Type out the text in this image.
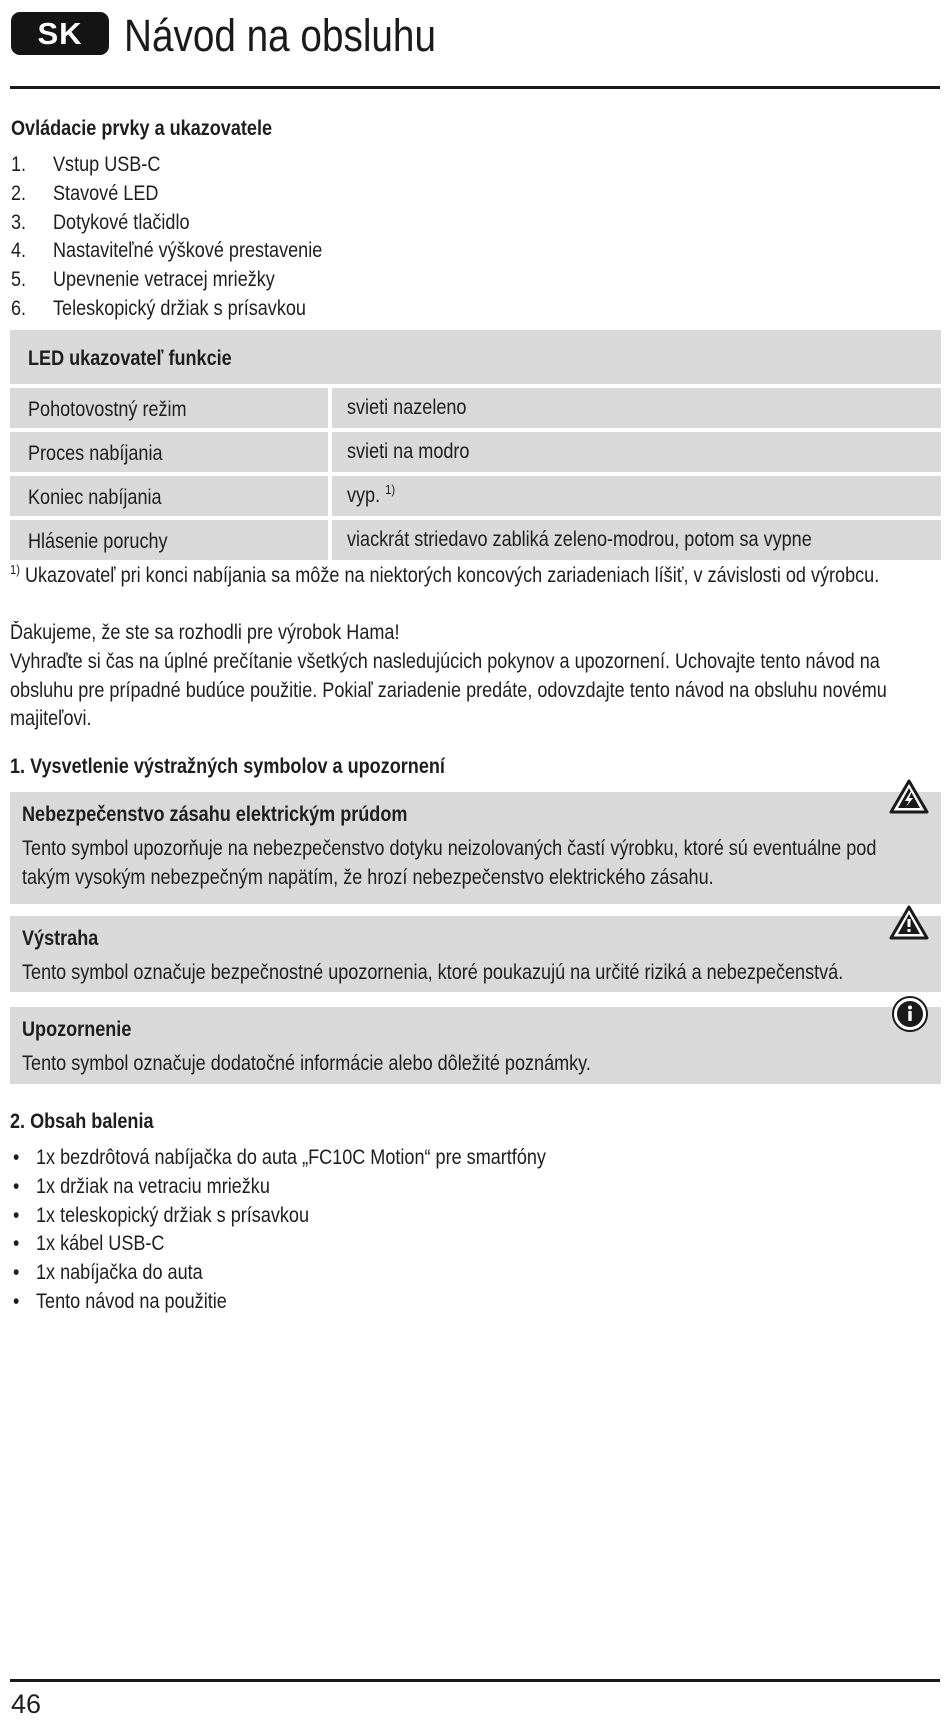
SK Návod na obsluhu
Ovládacie prvky a ukazovatele
1. Vstup USB-C
2. Stavové LED
3. Dotykové tlačidlo
4. Nastaviteľné výškové prestavenie
5. Upevnenie vetracej mriežky
6. Teleskopický držiak s prísavkou
LED ukazovateľ funkcie
Pohotovostný režim	svieti nazeleno
Proces nabíjania	svieti na modro
Koniec nabíjania	vyp. $^{1)}$
Hlásenie poruchy	viackrát striedavo zabliká zeleno-modrou, potom sa vypne
$^{1)}$ Ukazovateľ pri konci nabíjania sa môže na niektorých koncových zariadeniach líšiť, v závislosti od výrobcu.
Ďakujeme, že ste sa rozhodli pre výrobok Hama!
Vyhraďte si čas na úplné prečítanie všetkých nasledujúcich pokynov a upozornení. Uchovajte tento návod na
obsluhu pre prípadné budúce použitie. Pokiaľ zariadenie predáte, odovzdajte tento návod na obsluhu novému
majiteľovi.
1. Vysvetlenie výstražných symbolov a upozornení
Nebezpečenstvo zásahu elektrickým prúdom
Tento symbol upozorňuje na nebezpečenstvo dotyku neizolovaných častí výrobku, ktoré sú eventuálne pod
takým vysokým nebezpečným napätím, že hrozí nebezpečenstvo elektrického zásahu.
Výstraha
Tento symbol označuje bezpečnostné upozornenia, ktoré poukazujú na určité riziká a nebezpečenstvá.
Upozornenie
Tento symbol označuje dodatočné informácie alebo dôležité poznámky.
2. Obsah balenia
• 1x bezdrôtová nabíjačka do auta „FC10C Motion“ pre smartfóny
• 1x držiak na vetraciu mriežku
• 1x teleskopický držiak s prísavkou
• 1x kábel USB-C
• 1x nabíjačka do auta
• Tento návod na použitie
46
